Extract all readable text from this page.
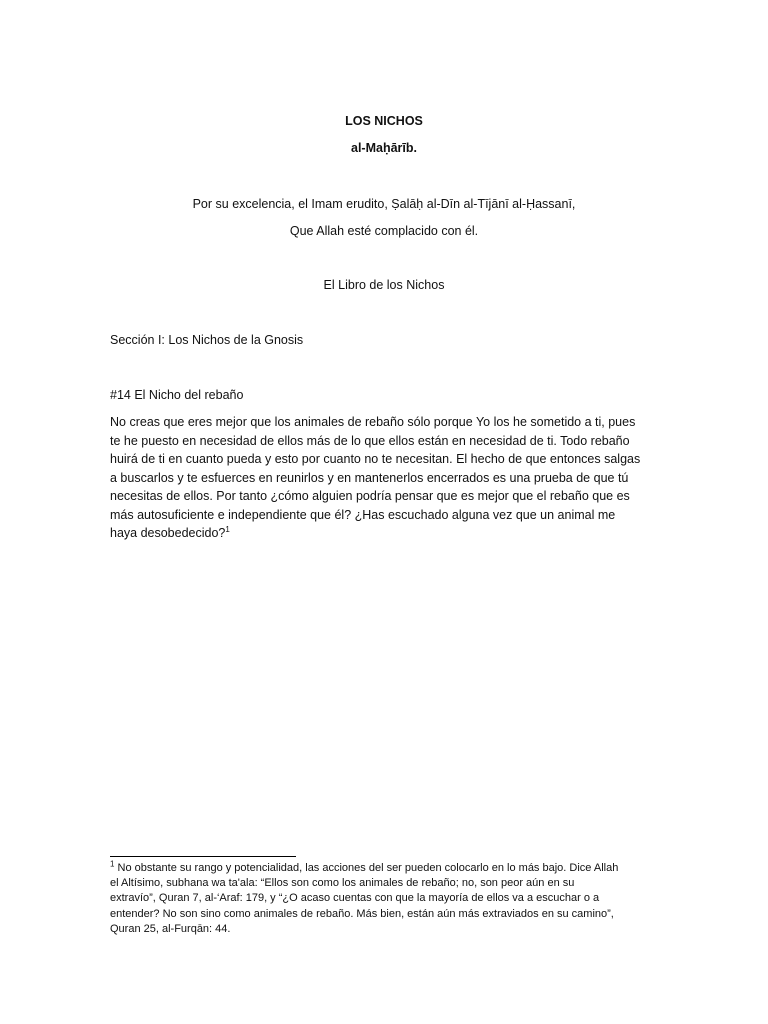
LOS NICHOS
al-Maḥārīb.
Por su excelencia, el Imam erudito, Ṣalāḥ al-Dīn al-Tījānī al-Ḥassanī,
Que Allah esté complacido con él.
El Libro de los Nichos
Sección I: Los Nichos de la Gnosis
#14 El Nicho del rebaño
No creas que eres mejor que los animales de rebaño sólo porque Yo los he sometido a ti, pues
te he puesto en necesidad de ellos más de lo que ellos están en necesidad de ti. Todo rebaño
huirá de ti en cuanto pueda y esto por cuanto no te necesitan. El hecho de que entonces salgas
a buscarlos y te esfuerces en reunirlos y en mantenerlos encerrados es una prueba de que tú
necesitas de ellos. Por tanto ¿cómo alguien podría pensar que es mejor que el rebaño que es
más autosuficiente e independiente que él? ¿Has escuchado alguna vez que un animal me
haya desobedecido?$^1$
$^1$ No obstante su rango y potencialidad, las acciones del ser pueden colocarlo en lo más bajo. Dice Allah
el Altísimo, subhana wa ta'ala: “Ellos son como los animales de rebaño; no, son peor aún en su
extravío”, Quran 7, al-‘Araf: 179, y “¿O acaso cuentas con que la mayoría de ellos va a escuchar o a
entender? No son sino como animales de rebaño. Más bien, están aún más extraviados en su camino”,
Quran 25, al-Furqān: 44.
